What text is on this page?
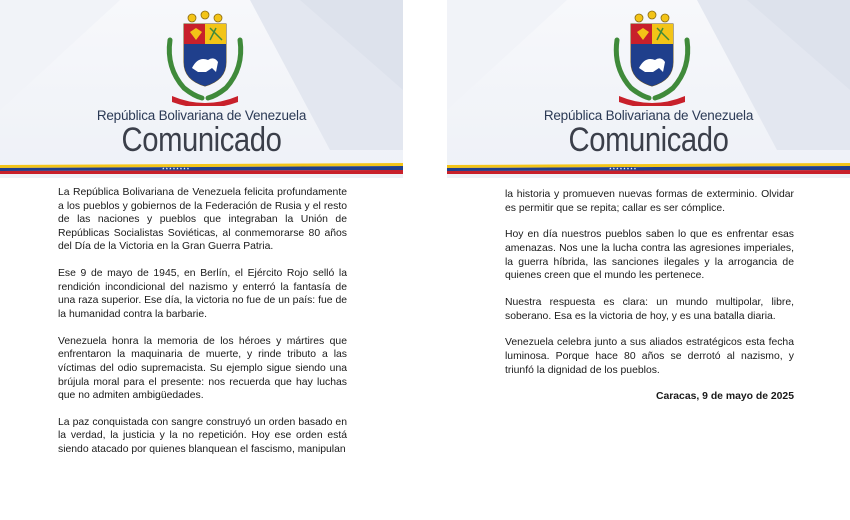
República Bolivariana de Venezuela
Comunicado
★ ★ ★ ★ ★ ★ ★ ★

La República Bolivariana de Venezuela felicita profundamente a los pueblos y gobiernos de la Federación de Rusia y el resto de las naciones y pueblos que integraban la Unión de Repúblicas Socialistas Soviéticas, al conmemorarse 80 años del Día de la Victoria en la Gran Guerra Patria.

Ese 9 de mayo de 1945, en Berlín, el Ejército Rojo selló la rendición incondicional del nazismo y enterró la fantasía de una raza superior. Ese día, la victoria no fue de un país: fue de la humanidad contra la barbarie.

Venezuela honra la memoria de los héroes y mártires que enfrentaron la maquinaria de muerte, y rinde tributo a las víctimas del odio supremacista. Su ejemplo sigue siendo una brújula moral para el presente: nos recuerda que hay luchas que no admiten ambigüedades.

La paz conquistada con sangre construyó un orden basado en la verdad, la justicia y la no repetición. Hoy ese orden está siendo atacado por quienes blanquean el fascismo, manipulan

República Bolivariana de Venezuela
Comunicado
★ ★ ★ ★ ★ ★ ★ ★

la historia y promueven nuevas formas de exterminio. Olvidar es permitir que se repita; callar es ser cómplice.

Hoy en día nuestros pueblos saben lo que es enfrentar esas amenazas. Nos une la lucha contra las agresiones imperiales, la guerra híbrida, las sanciones ilegales y la arrogancia de quienes creen que el mundo les pertenece.

Nuestra respuesta es clara: un mundo multipolar, libre, soberano. Esa es la victoria de hoy, y es una batalla diaria.

Venezuela celebra junto a sus aliados estratégicos esta fecha luminosa. Porque hace 80 años se derrotó al nazismo, y triunfó la dignidad de los pueblos.

Caracas, 9 de mayo de 2025
